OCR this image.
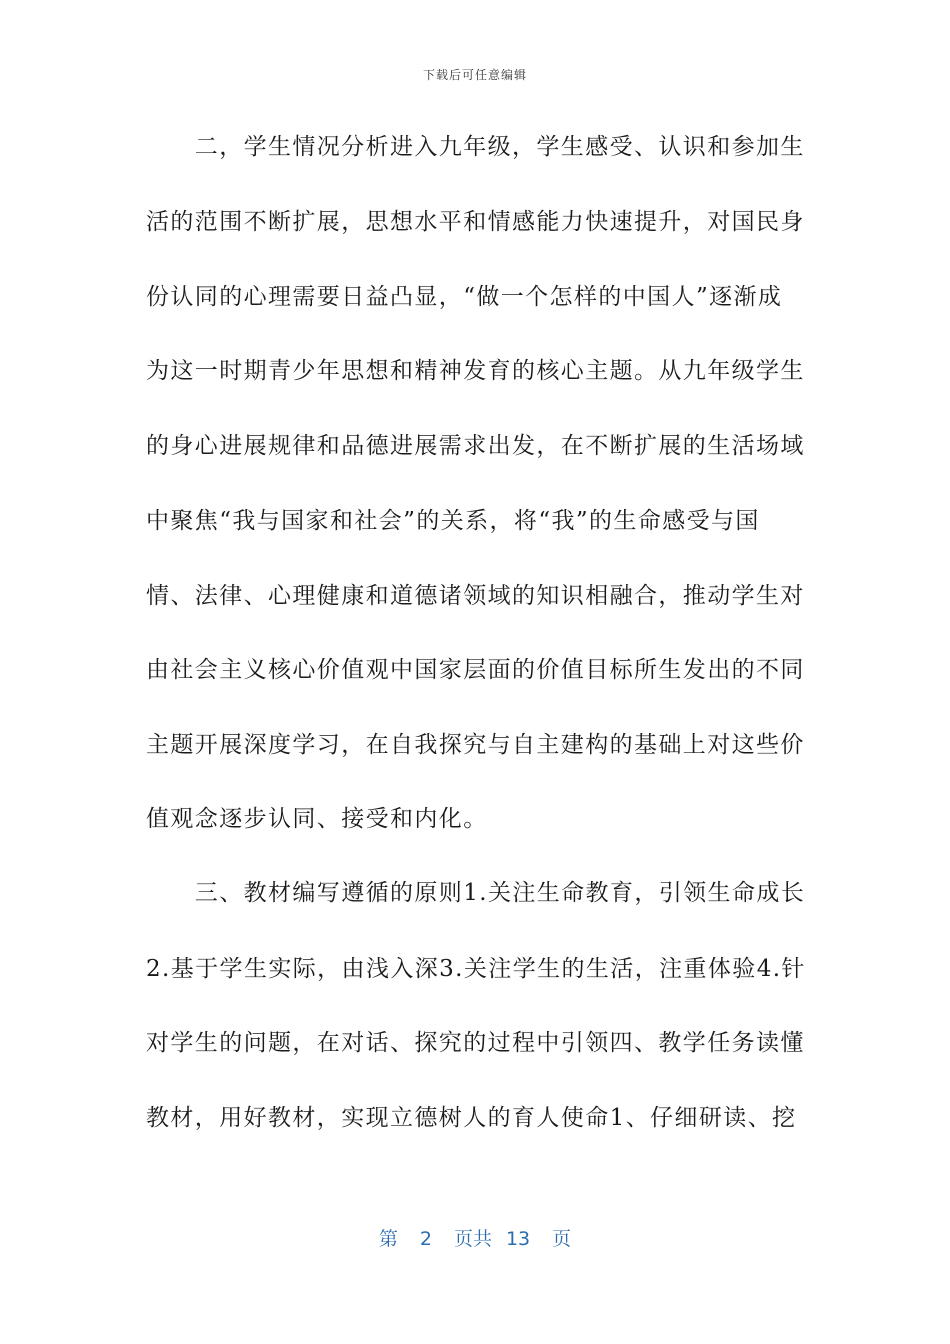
下载后可任意编辑
　　二，学生情况分析进入九年级，学生感受、认识和参加生
活的范围不断扩展，思想水平和情感能力快速提升，对国民身
份认同的心理需要日益凸显，“做一个怎样的中国人”逐渐成
为这一时期青少年思想和精神发育的核心主题。从九年级学生
的身心进展规律和品德进展需求出发，在不断扩展的生活场域
中聚焦“我与国家和社会”的关系，将“我”的生命感受与国
情、法律、心理健康和道德诸领域的知识相融合，推动学生对
由社会主义核心价值观中国家层面的价值目标所生发出的不同
主题开展深度学习，在自我探究与自主建构的基础上对这些价
值观念逐步认同、接受和内化。
　　三、教材编写遵循的原则1.关注生命教育，引领生命成长
2.基于学生实际，由浅入深3.关注学生的生活，注重体验4.针
对学生的问题，在对话、探究的过程中引领四、教学任务读懂
教材，用好教材，实现立德树人的育人使命1、仔细研读、挖
第 2 页共 13 页
